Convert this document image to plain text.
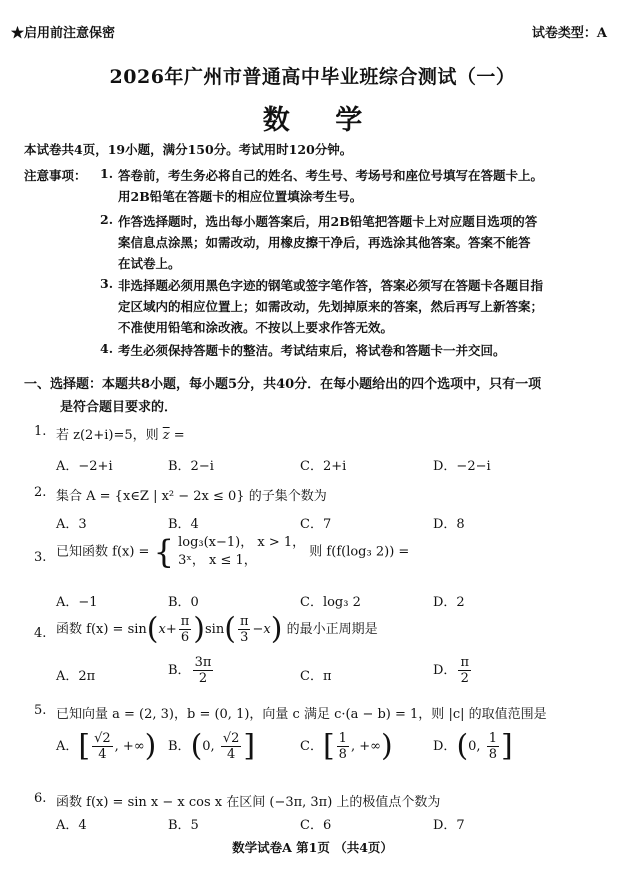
★启用前注意保密	试卷类型：A
2026年广州市普通高中毕业班综合测试（一）
数 学
本试卷共4页，19小题，满分150分。考试用时120分钟。
注意事项： 1. 答卷前，考生务必将自己的姓名、考生号、考场号和座位号填写在答题卡上。
用2B铅笔在答题卡的相应位置填涂考生号。
2. 作答选择题时，选出每小题答案后，用2B铅笔把答题卡上对应题目选项的答
案信息点涂黑；如需改动，用橡皮擦干净后，再选涂其他答案。答案不能答
在试卷上。
3. 非选择题必须用黑色字迹的钢笔或签字笔作答，答案必须写在答题卡各题目指
定区域内的相应位置上；如需改动，先划掉原来的答案，然后再写上新答案；
不准使用铅笔和涂改液。不按以上要求作答无效。
4. 考生必须保持答题卡的整洁。考试结束后，将试卷和答题卡一并交回。
一、选择题：本题共8小题，每小题5分，共40分．在每小题给出的四个选项中，只有一项
是符合题目要求的．
1. 若 z(2+i)=5，则 $\overline{z}$ =
A．−2+i	B．2−i	C．2+i	D．−2−i
2. 集合 A = {x∈Z | x² − 2x ≤ 0} 的子集个数为
A．3	B．4	C．7	D．8
3. 已知函数 f(x) = { log₃(x−1)， x > 1，
3ˣ， x ≤ 1，
则 f(f(log₃ 2)) =
A．−1	B．0	C．log₃ 2	D．2
4. 函数 $f(x) = \sin(x+ \frac{\pi}{6} )\sin( \frac{\pi}{3} -x)$ 的最小正周期是
A．2π	B． $\frac{3\pi}{2}$	C．π	D． $\frac{\pi}{2}$
5. 已知向量 a = (2, 3)，b = (0, 1)，向量 c 满足 c·(a − b) = 1，则 |c| 的取值范围是
A．[ $\frac{√2}{4}$ , +∞) B．(0, $\frac{√2}{4}$ ]	C．[ $\frac{1}{8}$ , +∞)	D．(0, $\frac{1}{8}$ ]
6. 函数 f(x) = sin x − x cos x 在区间 (−3π, 3π) 上的极值点个数为
A．4	B．5	C．6	D．7
数学试卷A 第1页 （共4页）
